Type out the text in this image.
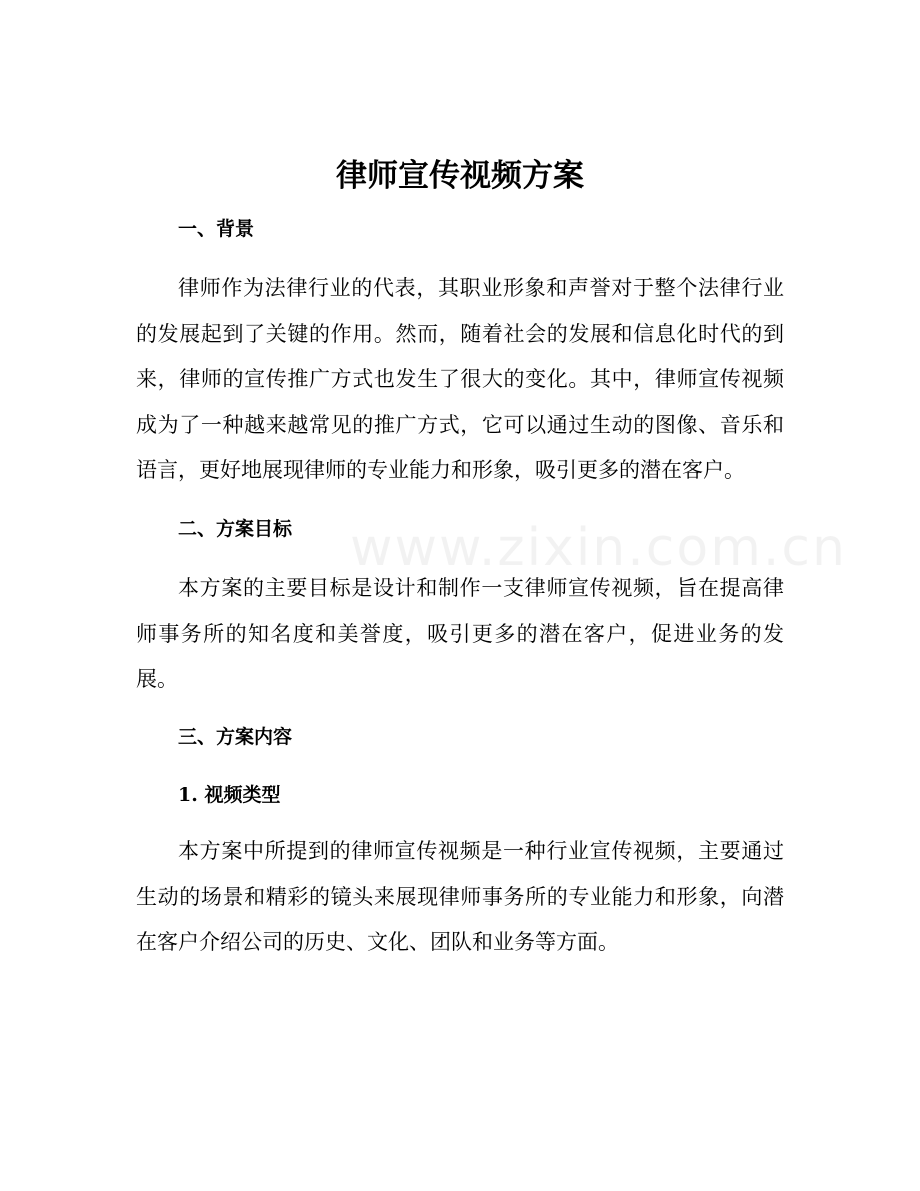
www.zixin.com.cn
律师宣传视频方案
一、背景

律师作为法律行业的代表，其职业形象和声誉对于整个法律行业的发展起到了关键的作用。然而，随着社会的发展和信息化时代的到来，律师的宣传推广方式也发生了很大的变化。其中，律师宣传视频成为了一种越来越常见的推广方式，它可以通过生动的图像、音乐和语言，更好地展现律师的专业能力和形象，吸引更多的潜在客户。

二、方案目标

本方案的主要目标是设计和制作一支律师宣传视频，旨在提高律师事务所的知名度和美誉度，吸引更多的潜在客户，促进业务的发展。

三、方案内容
1. 视频类型

本方案中所提到的律师宣传视频是一种行业宣传视频，主要通过生动的场景和精彩的镜头来展现律师事务所的专业能力和形象，向潜在客户介绍公司的历史、文化、团队和业务等方面。
